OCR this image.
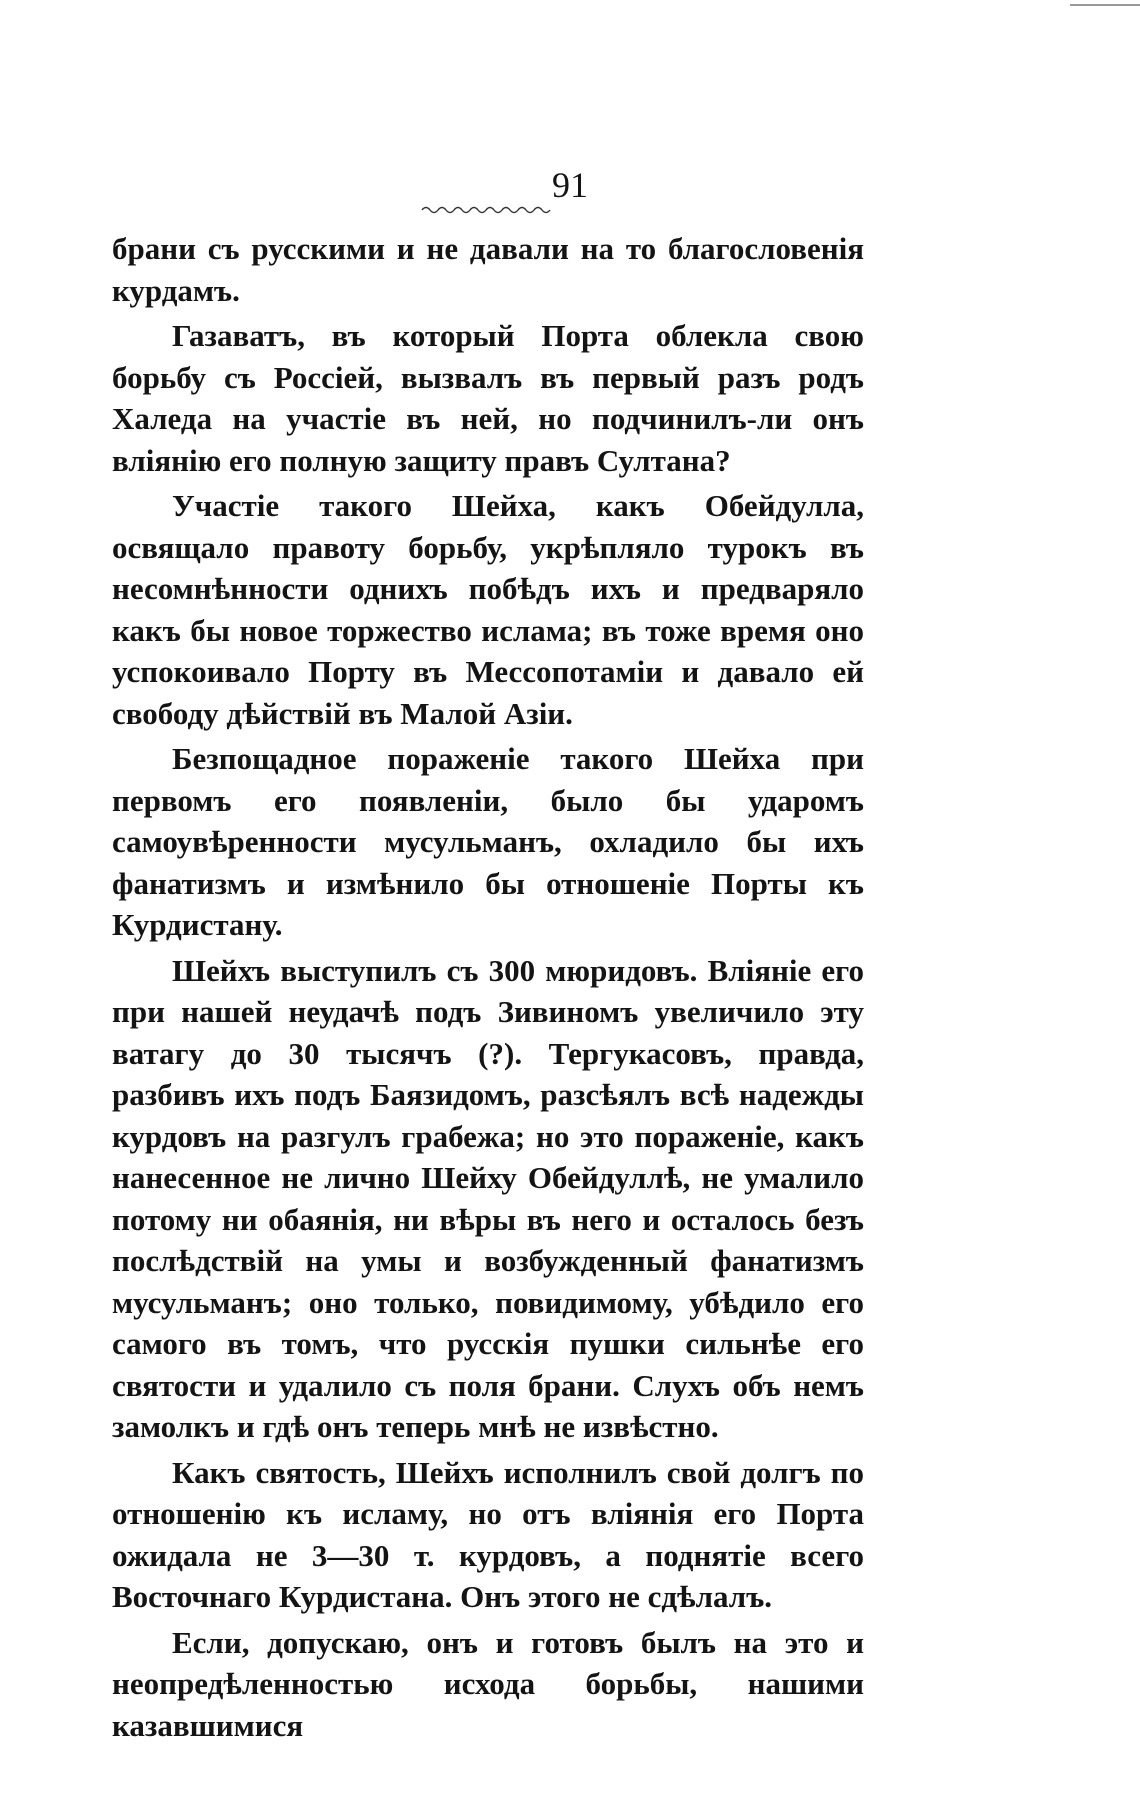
91

брани съ русскими и не давали на то благословенія курдамъ.

Газаватъ, въ который Порта облекла свою борьбу съ Россіей, вызвалъ въ первый разъ родъ Халеда на участіе въ ней, но подчинилъ-ли онъ вліянію его полную защиту правъ Султана?

Участіе такого Шейха, какъ Обейдулла, освящало правоту борьбу, укрѣпляло турокъ въ несомнѣнности однихъ побѣдъ ихъ и предваряло какъ бы новое торжество ислама; въ тоже время оно успокоивало Порту въ Мессопотаміи и давало ей свободу дѣйствій въ Малой Азіи.

Безпощадное пораженіе такого Шейха при первомъ его появленіи, было бы ударомъ самоувѣренности мусульманъ, охладило бы ихъ фанатизмъ и измѣнило бы отношеніе Порты къ Курдистану.

Шейхъ выступилъ съ 300 мюридовъ. Вліяніе его при нашей неудачѣ подъ Зивиномъ увеличило эту ватагу до 30 тысячъ (?). Тергукасовъ, правда, разбивъ ихъ подъ Баязидомъ, разсѣялъ всѣ надежды курдовъ на разгулъ грабежа; но это пораженіе, какъ нанесенное не лично Шейху Обейдуллѣ, не умалило потому ни обаянія, ни вѣры въ него и осталось безъ послѣдствій на умы и возбужденный фанатизмъ мусульманъ; оно только, повидимому, убѣдило его самого въ томъ, что русскія пушки сильнѣе его святости и удалило съ поля брани. Слухъ объ немъ замолкъ и гдѣ онъ теперь мнѣ не извѣстно.

Какъ святость, Шейхъ исполнилъ свой долгъ по отношенію къ исламу, но отъ вліянія его Порта ожидала не 3—30 т. курдовъ, а поднятіе всего Восточнаго Курдистана. Онъ этого не сдѣлалъ.

Если, допускаю, онъ и готовъ былъ на это и неопредѣленностью исхода борьбы, нашими казавшимися
